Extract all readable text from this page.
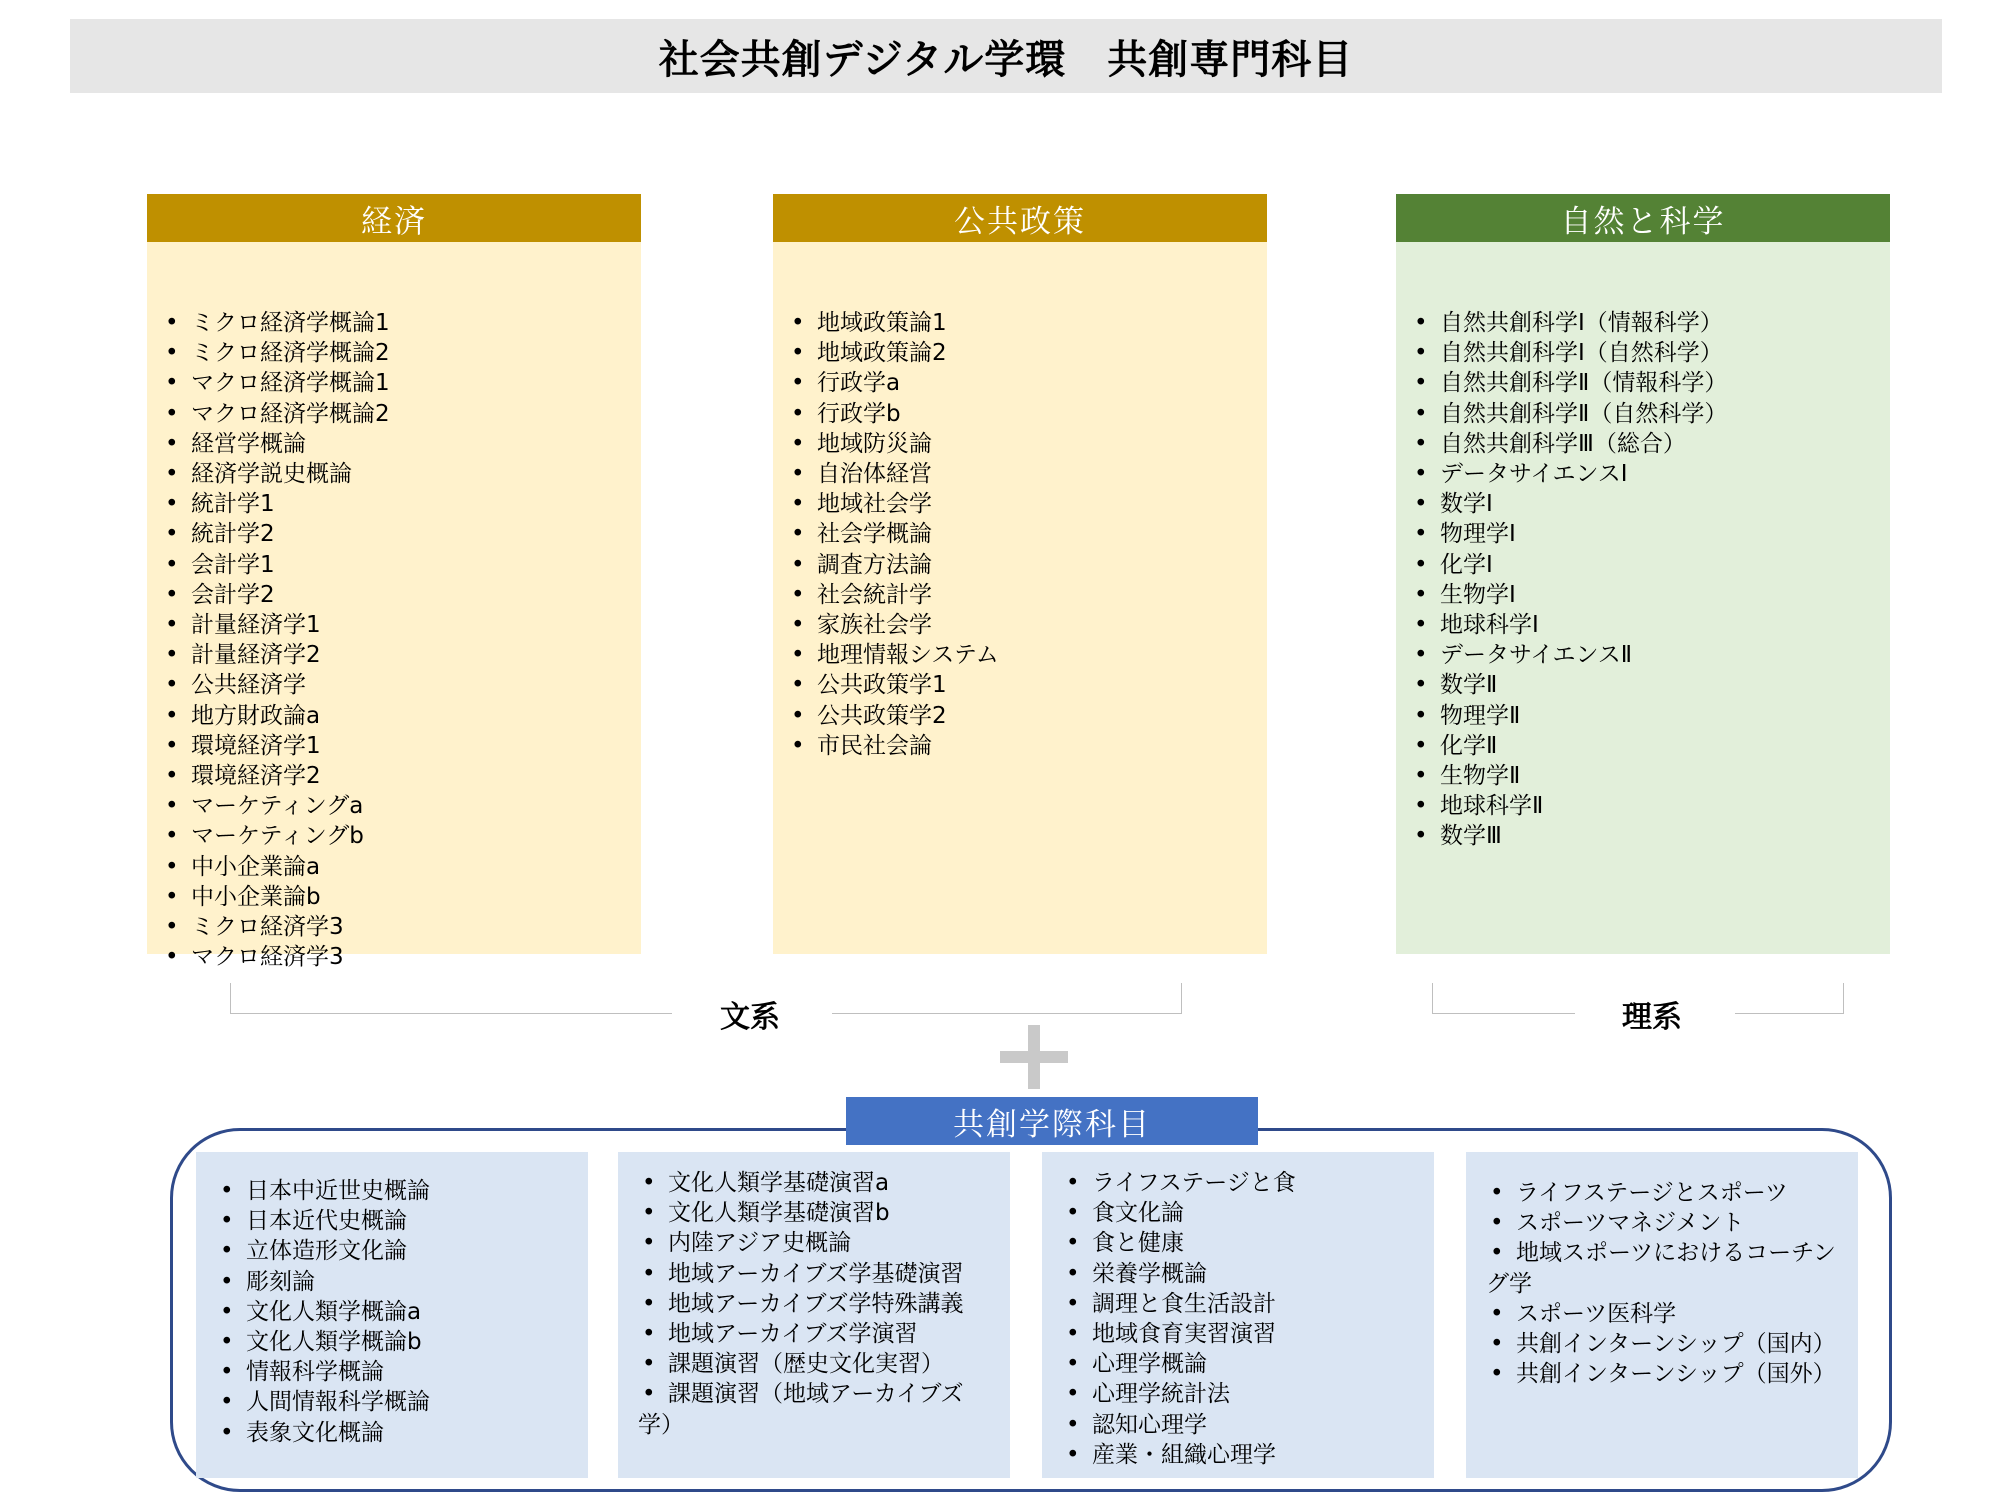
社会共創デジタル学環　共創専門科目
経済
• ミクロ経済学概論1
• ミクロ経済学概論2
• マクロ経済学概論1
• マクロ経済学概論2
• 経営学概論
• 経済学説史概論
• 統計学1
• 統計学2
• 会計学1
• 会計学2
• 計量経済学1
• 計量経済学2
• 公共経済学
• 地方財政論a
• 環境経済学1
• 環境経済学2
• マーケティングa
• マーケティングb
• 中小企業論a
• 中小企業論b
• ミクロ経済学3
• マクロ経済学3
公共政策
• 地域政策論1
• 地域政策論2
• 行政学a
• 行政学b
• 地域防災論
• 自治体経営
• 地域社会学
• 社会学概論
• 調査方法論
• 社会統計学
• 家族社会学
• 地理情報システム
• 公共政策学1
• 公共政策学2
• 市民社会論
自然と科学
• 自然共創科学Ⅰ（情報科学）
• 自然共創科学Ⅰ（自然科学）
• 自然共創科学Ⅱ（情報科学）
• 自然共創科学Ⅱ（自然科学）
• 自然共創科学Ⅲ（総合）
• データサイエンスⅠ
• 数学Ⅰ
• 物理学Ⅰ
• 化学Ⅰ
• 生物学Ⅰ
• 地球科学Ⅰ
• データサイエンスⅡ
• 数学Ⅱ
• 物理学Ⅱ
• 化学Ⅱ
• 生物学Ⅱ
• 地球科学Ⅱ
• 数学Ⅲ
文系	理系
共創学際科目
• 日本中近世史概論
• 日本近代史概論
• 立体造形文化論
• 彫刻論
• 文化人類学概論a
• 文化人類学概論b
• 情報科学概論
• 人間情報科学概論
• 表象文化概論
• 文化人類学基礎演習a
• 文化人類学基礎演習b
• 内陸アジア史概論
• 地域アーカイブズ学基礎演習
• 地域アーカイブズ学特殊講義
• 地域アーカイブズ学演習
• 課題演習（歴史文化実習）
• 課題演習（地域アーカイブズ学）
• ライフステージと食
• 食文化論
• 食と健康
• 栄養学概論
• 調理と食生活設計
• 地域食育実習演習
• 心理学概論
• 心理学統計法
• 認知心理学
• 産業・組織心理学
• ライフステージとスポーツ
• スポーツマネジメント
• 地域スポーツにおけるコーチング学
• スポーツ医科学
• 共創インターンシップ（国内）
• 共創インターンシップ（国外）
